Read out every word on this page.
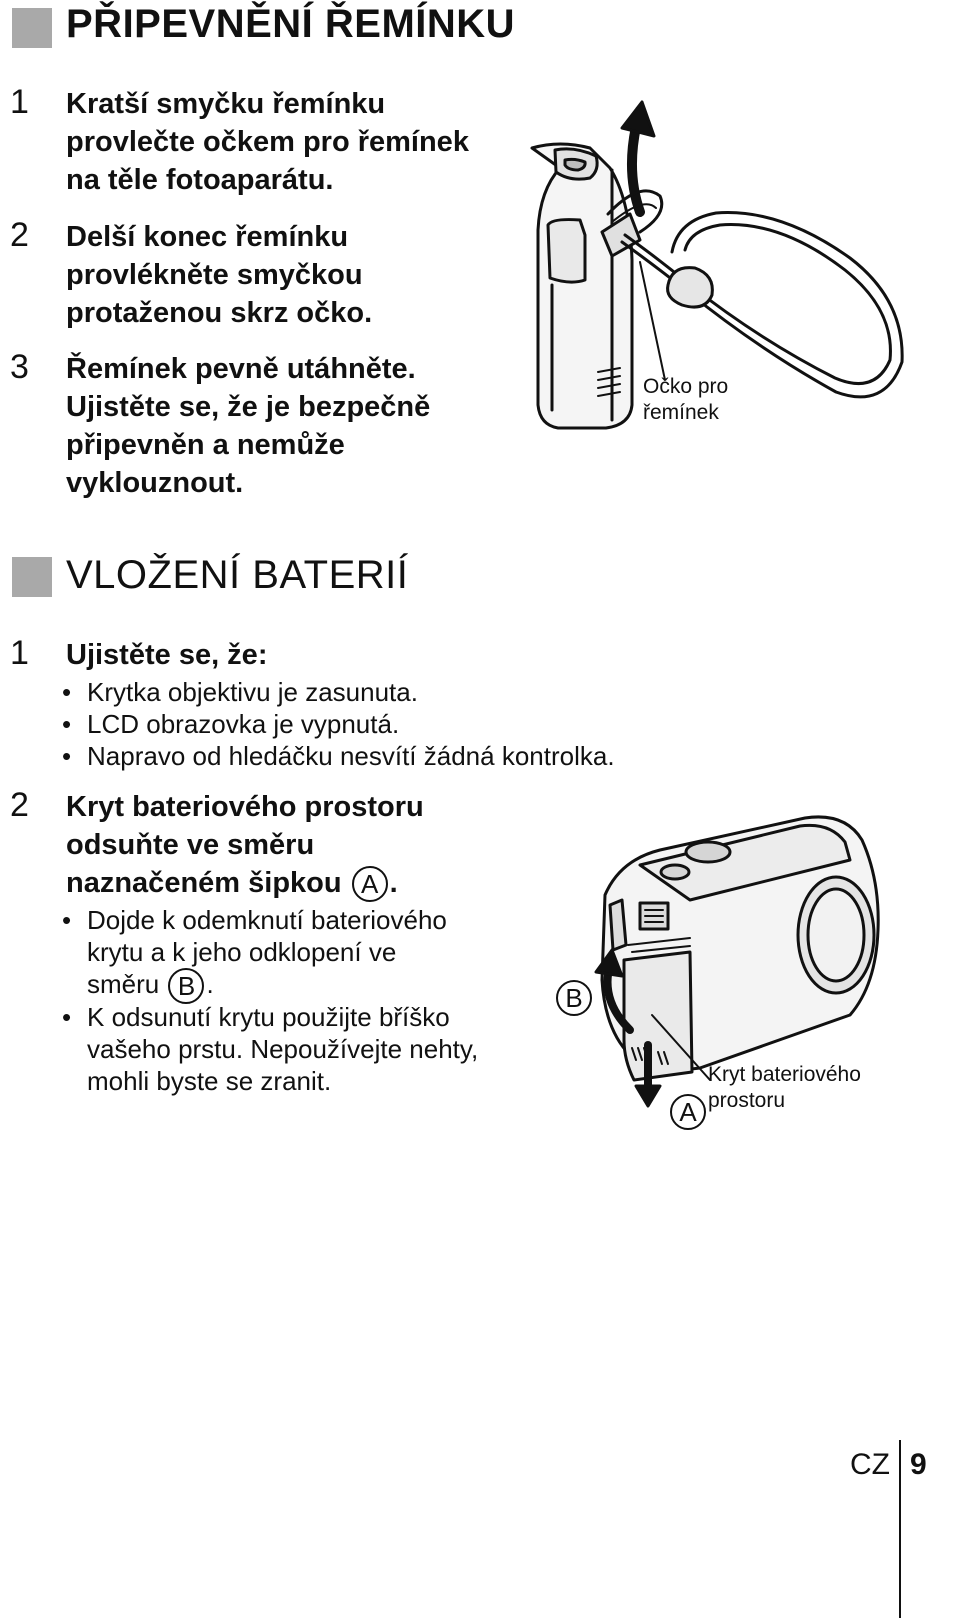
PŘIPEVNĚNÍ ŘEMÍNKU
1 Kratší smyčku řemínku
provlečte očkem pro řemínek
na těle fotoaparátu.
2 Delší konec řemínku
provlékněte smyčkou
protaženou skrz očko.
3 Řemínek pevně utáhněte.
Ujistěte se, že je bezpečně
připevněn a nemůže
vyklouznout.
Očko pro
řemínek
VLOŽENÍ BATERIÍ
1 Ujistěte se, že:
• Krytka objektivu je zasunuta.
• LCD obrazovka je vypnutá.
• Napravo od hledáčku nesvítí žádná kontrolka.
2 Kryt bateriového prostoru
odsuňte ve směru
naznačeném šipkou A .
• Dojde k odemknutí bateriového
krytu a k jeho odklopení ve
směru B .
• K odsunutí krytu použijte bříško
vašeho prstu. Nepoužívejte nehty,
mohli byste se zranit.
B
A
Kryt bateriového
prostoru
CZ 9
